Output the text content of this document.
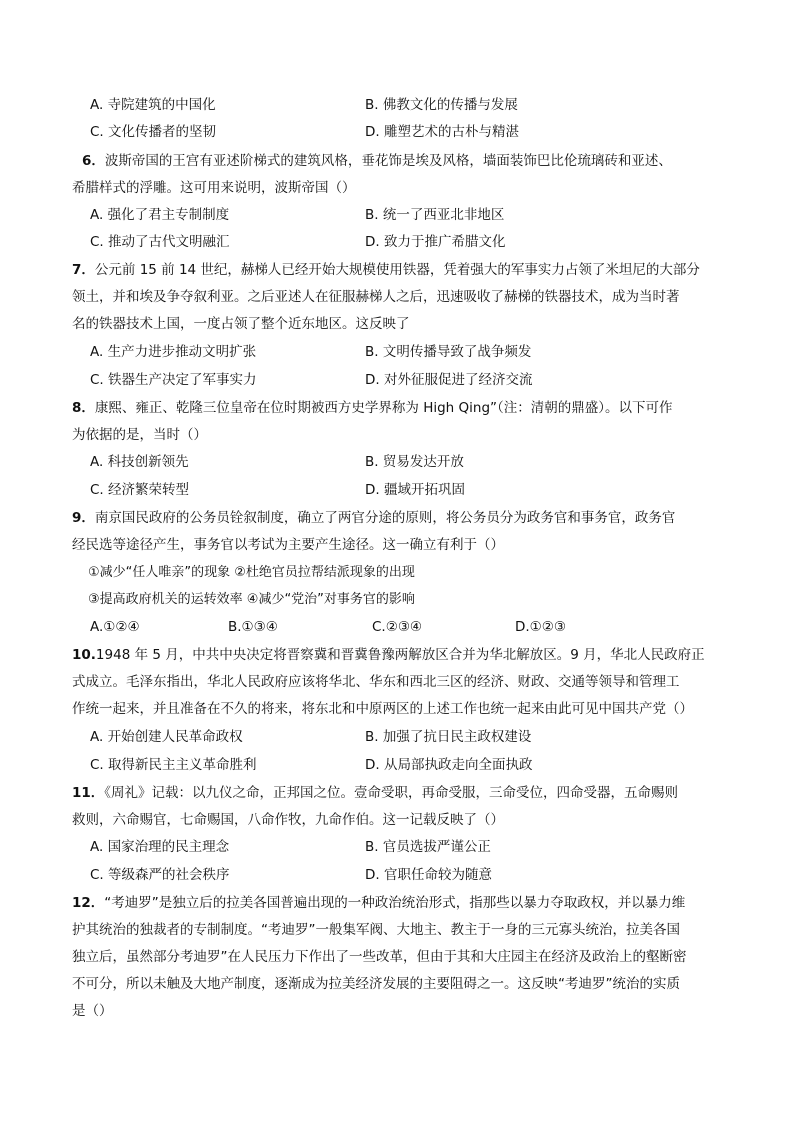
A. 寺院建筑的中国化	B. 佛教文化的传播与发展
C. 文化传播者的坚韧	D. 雕塑艺术的古朴与精湛
6．波斯帝国的王宫有亚述阶梯式的建筑风格，垂花饰是埃及风格，墙面装饰巴比伦琉璃砖和亚述、
希腊样式的浮雕。这可用来说明，波斯帝国（）
A. 强化了君主专制制度	B. 统一了西亚北非地区
C. 推动了古代文明融汇	D. 致力于推广希腊文化
7．公元前 15 前 14 世纪，赫梯人已经开始大规模使用铁器，凭着强大的军事实力占领了米坦尼的大部分
领土，并和埃及争夺叙利亚。之后亚述人在征服赫梯人之后，迅速吸收了赫梯的铁器技术，成为当时著
名的铁器技术上国，一度占领了整个近东地区。这反映了
A. 生产力进步推动文明扩张	B. 文明传播导致了战争频发
C. 铁器生产决定了军事实力	D. 对外征服促进了经济交流
8．康熙、雍正、乾隆三位皇帝在位时期被西方史学界称为 High Qing”（注：清朝的鼎盛）。以下可作
为依据的是，当时（）
A. 科技创新领先	B. 贸易发达开放
C. 经济繁荣转型	D. 疆域开拓巩固
9．南京国民政府的公务员铨叙制度，确立了两官分途的原则，将公务员分为政务官和事务官，政务官
经民选等途径产生，事务官以考试为主要产生途径。这一确立有利于（）
①减少“任人唯亲”的现象 ②杜绝官员拉帮结派现象的出现
③提高政府机关的运转效率 ④减少“党治”对事务官的影响
A.①②④	B.①③④	C.②③④	D.①②③
10.1948 年 5 月，中共中央决定将晋察冀和晋冀鲁豫两解放区合并为华北解放区。9 月，华北人民政府正
式成立。毛泽东指出，华北人民政府应该将华北、华东和西北三区的经济、财政、交通等领导和管理工
作统一起来，并且准备在不久的将来，将东北和中原两区的上述工作也统一起来由此可见中国共产党（）
A. 开始创建人民革命政权	B. 加强了抗日民主政权建设
C. 取得新民主主义革命胜利	D. 从局部执政走向全面执政
11．《周礼》记载：以九仪之命，正邦国之位。壹命受职，再命受服，三命受位，四命受器，五命赐则
救则，六命赐官，七命赐国，八命作牧，九命作伯。这一记载反映了（）
A. 国家治理的民主理念	B. 官员选拔严谨公正
C. 等级森严的社会秩序	D. 官职任命较为随意
12．“考迪罗”是独立后的拉美各国普遍出现的一种政治统治形式，指那些以暴力夺取政权，并以暴力维
护其统治的独裁者的专制制度。“考迪罗”一般集军阀、大地主、教主于一身的三元寡头统治，拉美各国
独立后，虽然部分考迪罗”在人民压力下作出了一些改革，但由于其和大庄园主在经济及政治上的壑断密
不可分，所以未触及大地产制度，逐渐成为拉美经济发展的主要阻碍之一。这反映“考迪罗”统治的实质
是（）
